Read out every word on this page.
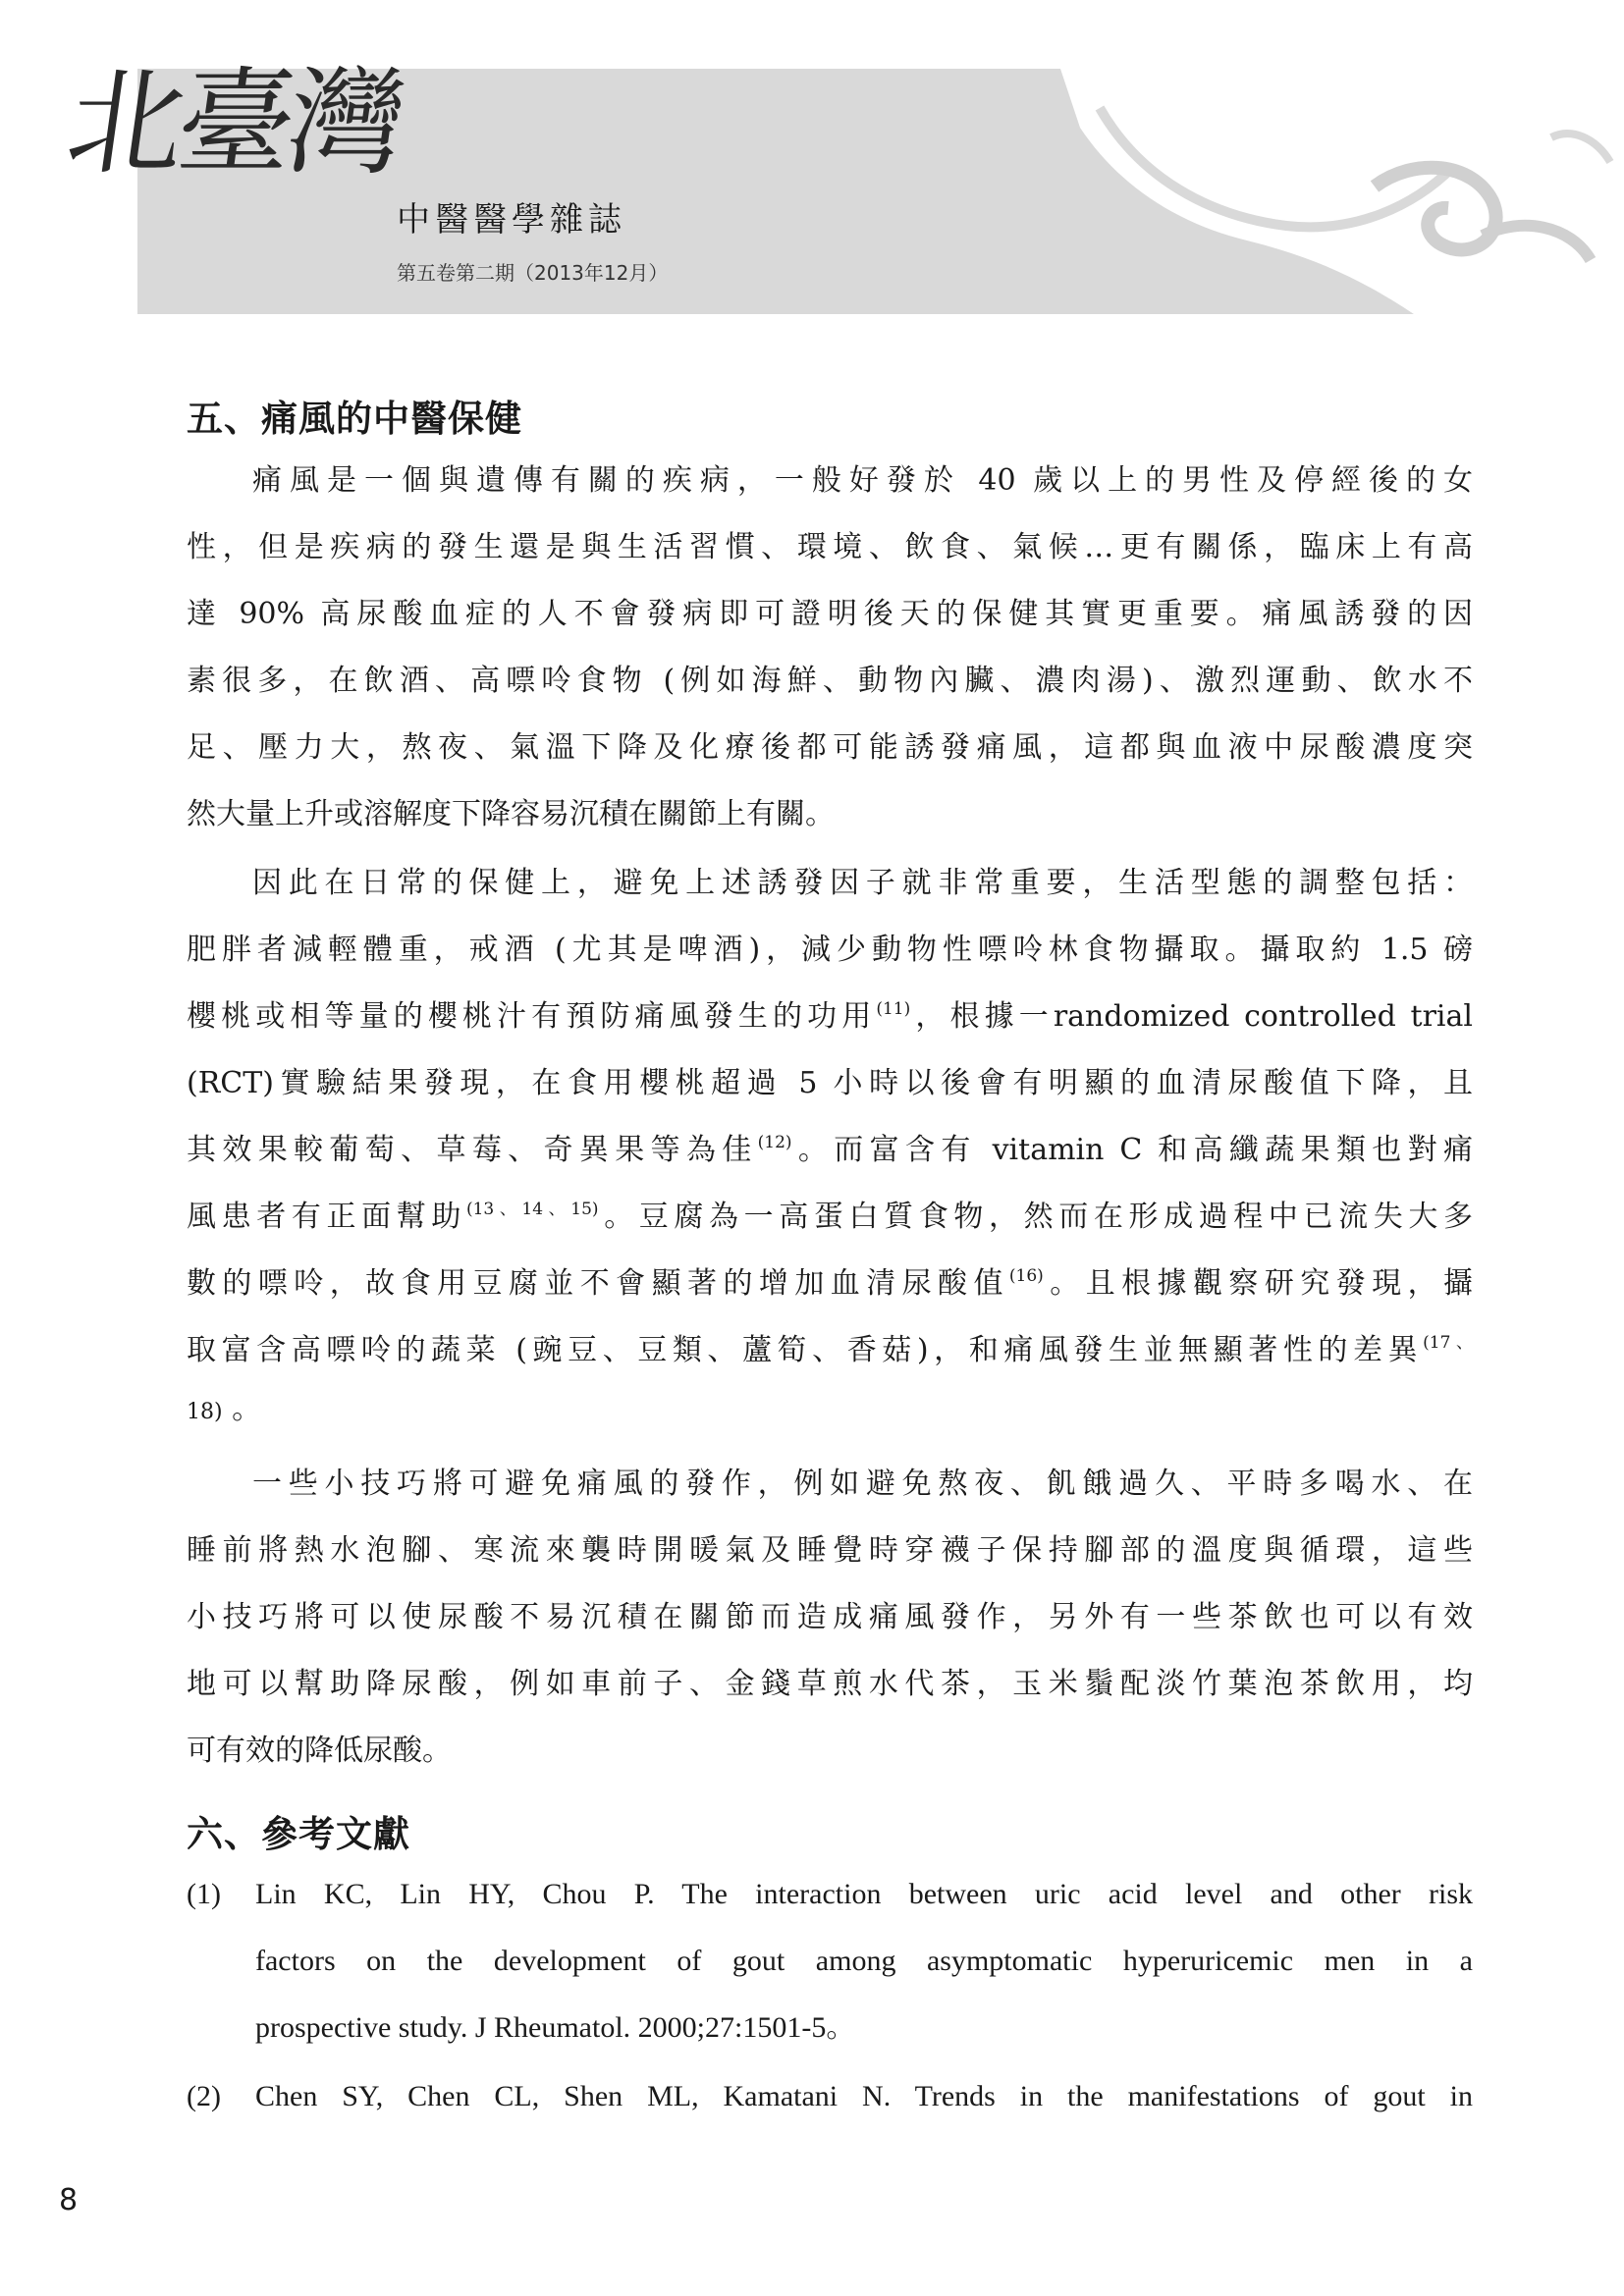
北臺灣
中醫醫學雜誌
第五卷第二期（2013年12月）
五、痛風的中醫保健
痛風是一個與遺傳有關的疾病，一般好發於 40 歲以上的男性及停經後的女
性，但是疾病的發生還是與生活習慣、環境、飲食、氣候…更有關係，臨床上有高
達 90% 高尿酸血症的人不會發病即可證明後天的保健其實更重要。痛風誘發的因
素很多，在飲酒、高嘌呤食物 (例如海鮮、動物內臟、濃肉湯)、激烈運動、飲水不
足、壓力大，熬夜、氣溫下降及化療後都可能誘發痛風，這都與血液中尿酸濃度突
然大量上升或溶解度下降容易沉積在關節上有關。
因此在日常的保健上，避免上述誘發因子就非常重要，生活型態的調整包括：
肥胖者減輕體重，戒酒 (尤其是啤酒)，減少動物性嘌呤林食物攝取。攝取約 1.5 磅
櫻桃或相等量的櫻桃汁有預防痛風發生的功用$^{(11)}$，根據一randomized controlled trial
(RCT)實驗結果發現，在食用櫻桃超過 5 小時以後會有明顯的血清尿酸值下降，且
其效果較葡萄、草莓、奇異果等為佳$^{(12)}$。而富含有 vitamin C 和高纖蔬果類也對痛
風患者有正面幫助$^{(13、14、15)}$。豆腐為一高蛋白質食物，然而在形成過程中已流失大多
數的嘌呤，故食用豆腐並不會顯著的增加血清尿酸值$^{(16)}$。且根據觀察研究發現，攝
取富含高嘌呤的蔬菜 (豌豆、豆類、蘆筍、香菇)，和痛風發生並無顯著性的差異$^{(17、}$
18) 。
一些小技巧將可避免痛風的發作，例如避免熬夜、飢餓過久、平時多喝水、在
睡前將熱水泡腳、寒流來襲時開暖氣及睡覺時穿襪子保持腳部的溫度與循環，這些
小技巧將可以使尿酸不易沉積在關節而造成痛風發作，另外有一些茶飲也可以有效
地可以幫助降尿酸，例如車前子、金錢草煎水代茶，玉米鬚配淡竹葉泡茶飲用，均
可有效的降低尿酸。
六、參考文獻
(1) Lin KC, Lin HY, Chou P. The interaction between uric acid level and other risk
factors on the development of gout among asymptomatic hyperuricemic men in a
prospective study. J Rheumatol. 2000;27:1501-5。
(2) Chen SY, Chen CL, Shen ML, Kamatani N. Trends in the manifestations of gout in
8
